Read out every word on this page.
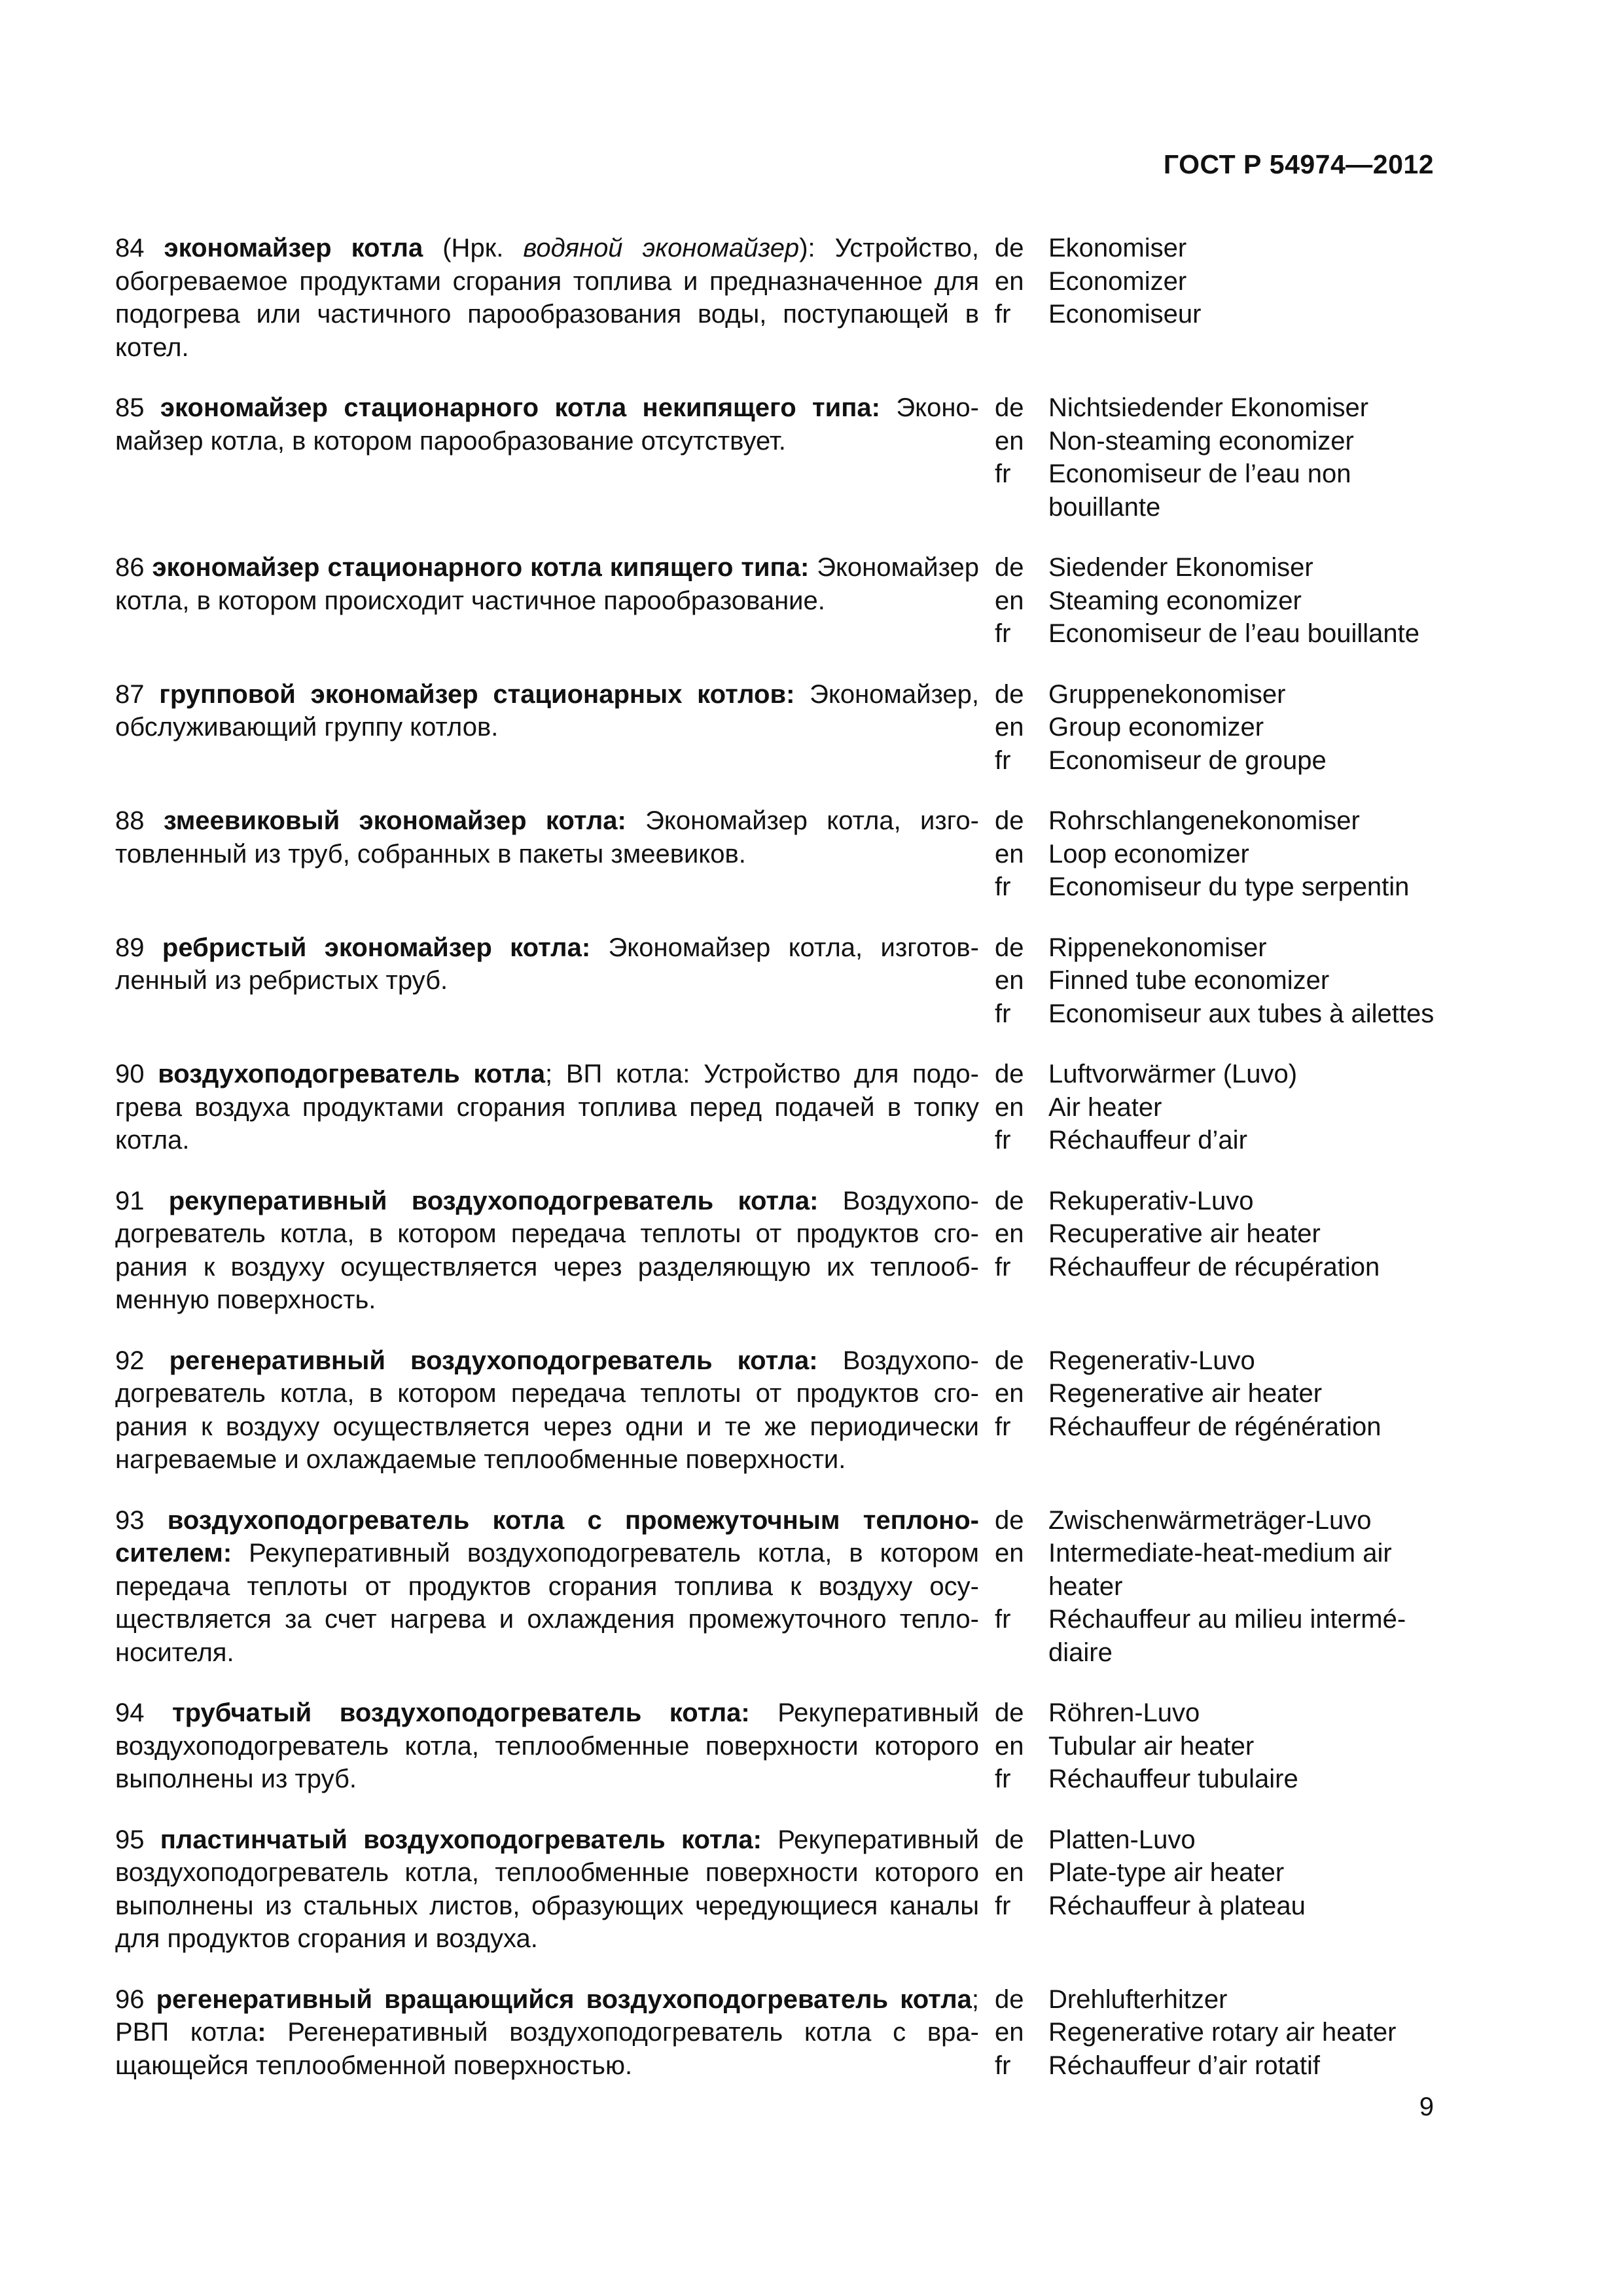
ГОСТ Р 54974—2012

84 экономайзер котла (Нрк. водяной экономайзер): Устройство, обогреваемое продуктами сгорания топлива и предназначенное для подогрева или частичного парообразования воды, поступающей в котел.

de
en
fr
Ekonomiser
Economizer
Economiseur

85 экономайзер стационарного котла некипящего типа: Экономайзер котла, в котором парообразование отсутствует.

de
en
fr
Nichtsiedender Ekonomiser
Non-steaming economizer
Economiseur de l’eau non bouillante

86 экономайзер стационарного котла кипящего типа: Экономайзер котла, в котором происходит частичное парообразование.

de
en
fr
Siedender Ekonomiser
Steaming economizer
Economiseur de l’eau bouillante

87 групповой экономайзер стационарных котлов: Экономайзер, обслуживающий группу котлов.

de
en
fr
Gruppenekonomiser
Group economizer
Economiseur de groupe

88 змеевиковый экономайзер котла: Экономайзер котла, изготовленный из труб, собранных в пакеты змеевиков.

de
en
fr
Rohrschlangenekonomiser
Loop economizer
Economiseur du type serpentin

89 ребристый экономайзер котла: Экономайзер котла, изготовленный из ребристых труб.

de
en
fr
Rippenekonomiser
Finned tube economizer
Economiseur aux tubes à ailettes

90 воздухоподогреватель котла; ВП котла: Устройство для подогрева воздуха продуктами сгорания топлива перед подачей в топку котла.

de
en
fr
Luftvorwärmer (Luvo)
Air heater
Réchauffeur d’air

91 рекуперативный воздухоподогреватель котла: Воздухоподогреватель котла, в котором передача теплоты от продуктов сгорания к воздуху осуществляется через разделяющую их теплообменную поверхность.

de
en
fr
Rekuperativ-Luvo
Recuperative air heater
Réchauffeur de récupération

92 регенеративный воздухоподогреватель котла: Воздухоподогреватель котла, в котором передача теплоты от продуктов сгорания к воздуху осуществляется через одни и те же периодически нагреваемые и охлаждаемые теплообменные поверхности.

de
en
fr
Regenerativ-Luvo
Regenerative air heater
Réchauffeur de régénération

93 воздухоподогреватель котла с промежуточным теплоносителем: Рекуперативный воздухоподогреватель котла, в котором передача теплоты от продуктов сгорания топлива к воздуху осуществляется за счет нагрева и охлаждения промежуточного теплоносителя.

de
en
fr
Zwischenwärmeträger-Luvo
Intermediate-heat-medium air heater
Réchauffeur au milieu intermédiaire

94 трубчатый воздухоподогреватель котла: Рекуперативный воздухоподогреватель котла, теплообменные поверхности которого выполнены из труб.

de
en
fr
Röhren-Luvo
Tubular air heater
Réchauffeur tubulaire

95 пластинчатый воздухоподогреватель котла: Рекуперативный воздухоподогреватель котла, теплообменные поверхности которого выполнены из стальных листов, образующих чередующиеся каналы для продуктов сгорания и воздуха.

de
en
fr
Platten-Luvo
Plate-type air heater
Réchauffeur à plateau

96 регенеративный вращающийся воздухоподогреватель котла; РВП котла: Регенеративный воздухоподогреватель котла с вращающейся теплообменной поверхностью.

de
en
fr
Drehlufterhitzer
Regenerative rotary air heater
Réchauffeur d’air rotatif
9
